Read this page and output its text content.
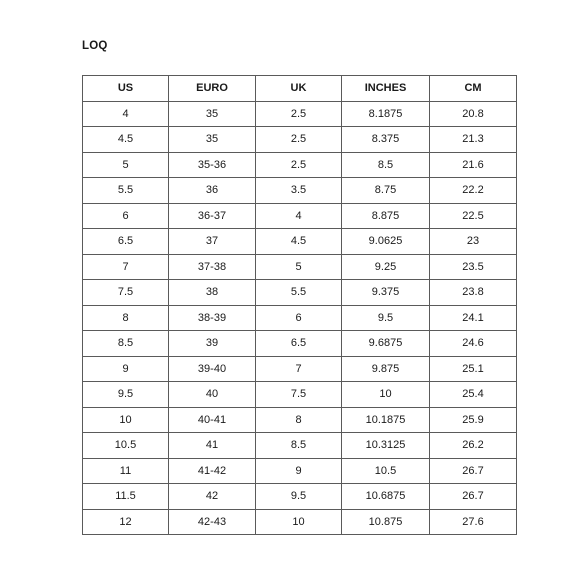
LOQ
US	EURO	UK	INCHES	CM
4	35	2.5	8.1875	20.8
4.5	35	2.5	8.375	21.3
5	35-36	2.5	8.5	21.6
5.5	36	3.5	8.75	22.2
6	36-37	4	8.875	22.5
6.5	37	4.5	9.0625	23
7	37-38	5	9.25	23.5
7.5	38	5.5	9.375	23.8
8	38-39	6	9.5	24.1
8.5	39	6.5	9.6875	24.6
9	39-40	7	9.875	25.1
9.5	40	7.5	10	25.4
10	40-41	8	10.1875	25.9
10.5	41	8.5	10.3125	26.2
11	41-42	9	10.5	26.7
11.5	42	9.5	10.6875	26.7
12	42-43	10	10.875	27.6
